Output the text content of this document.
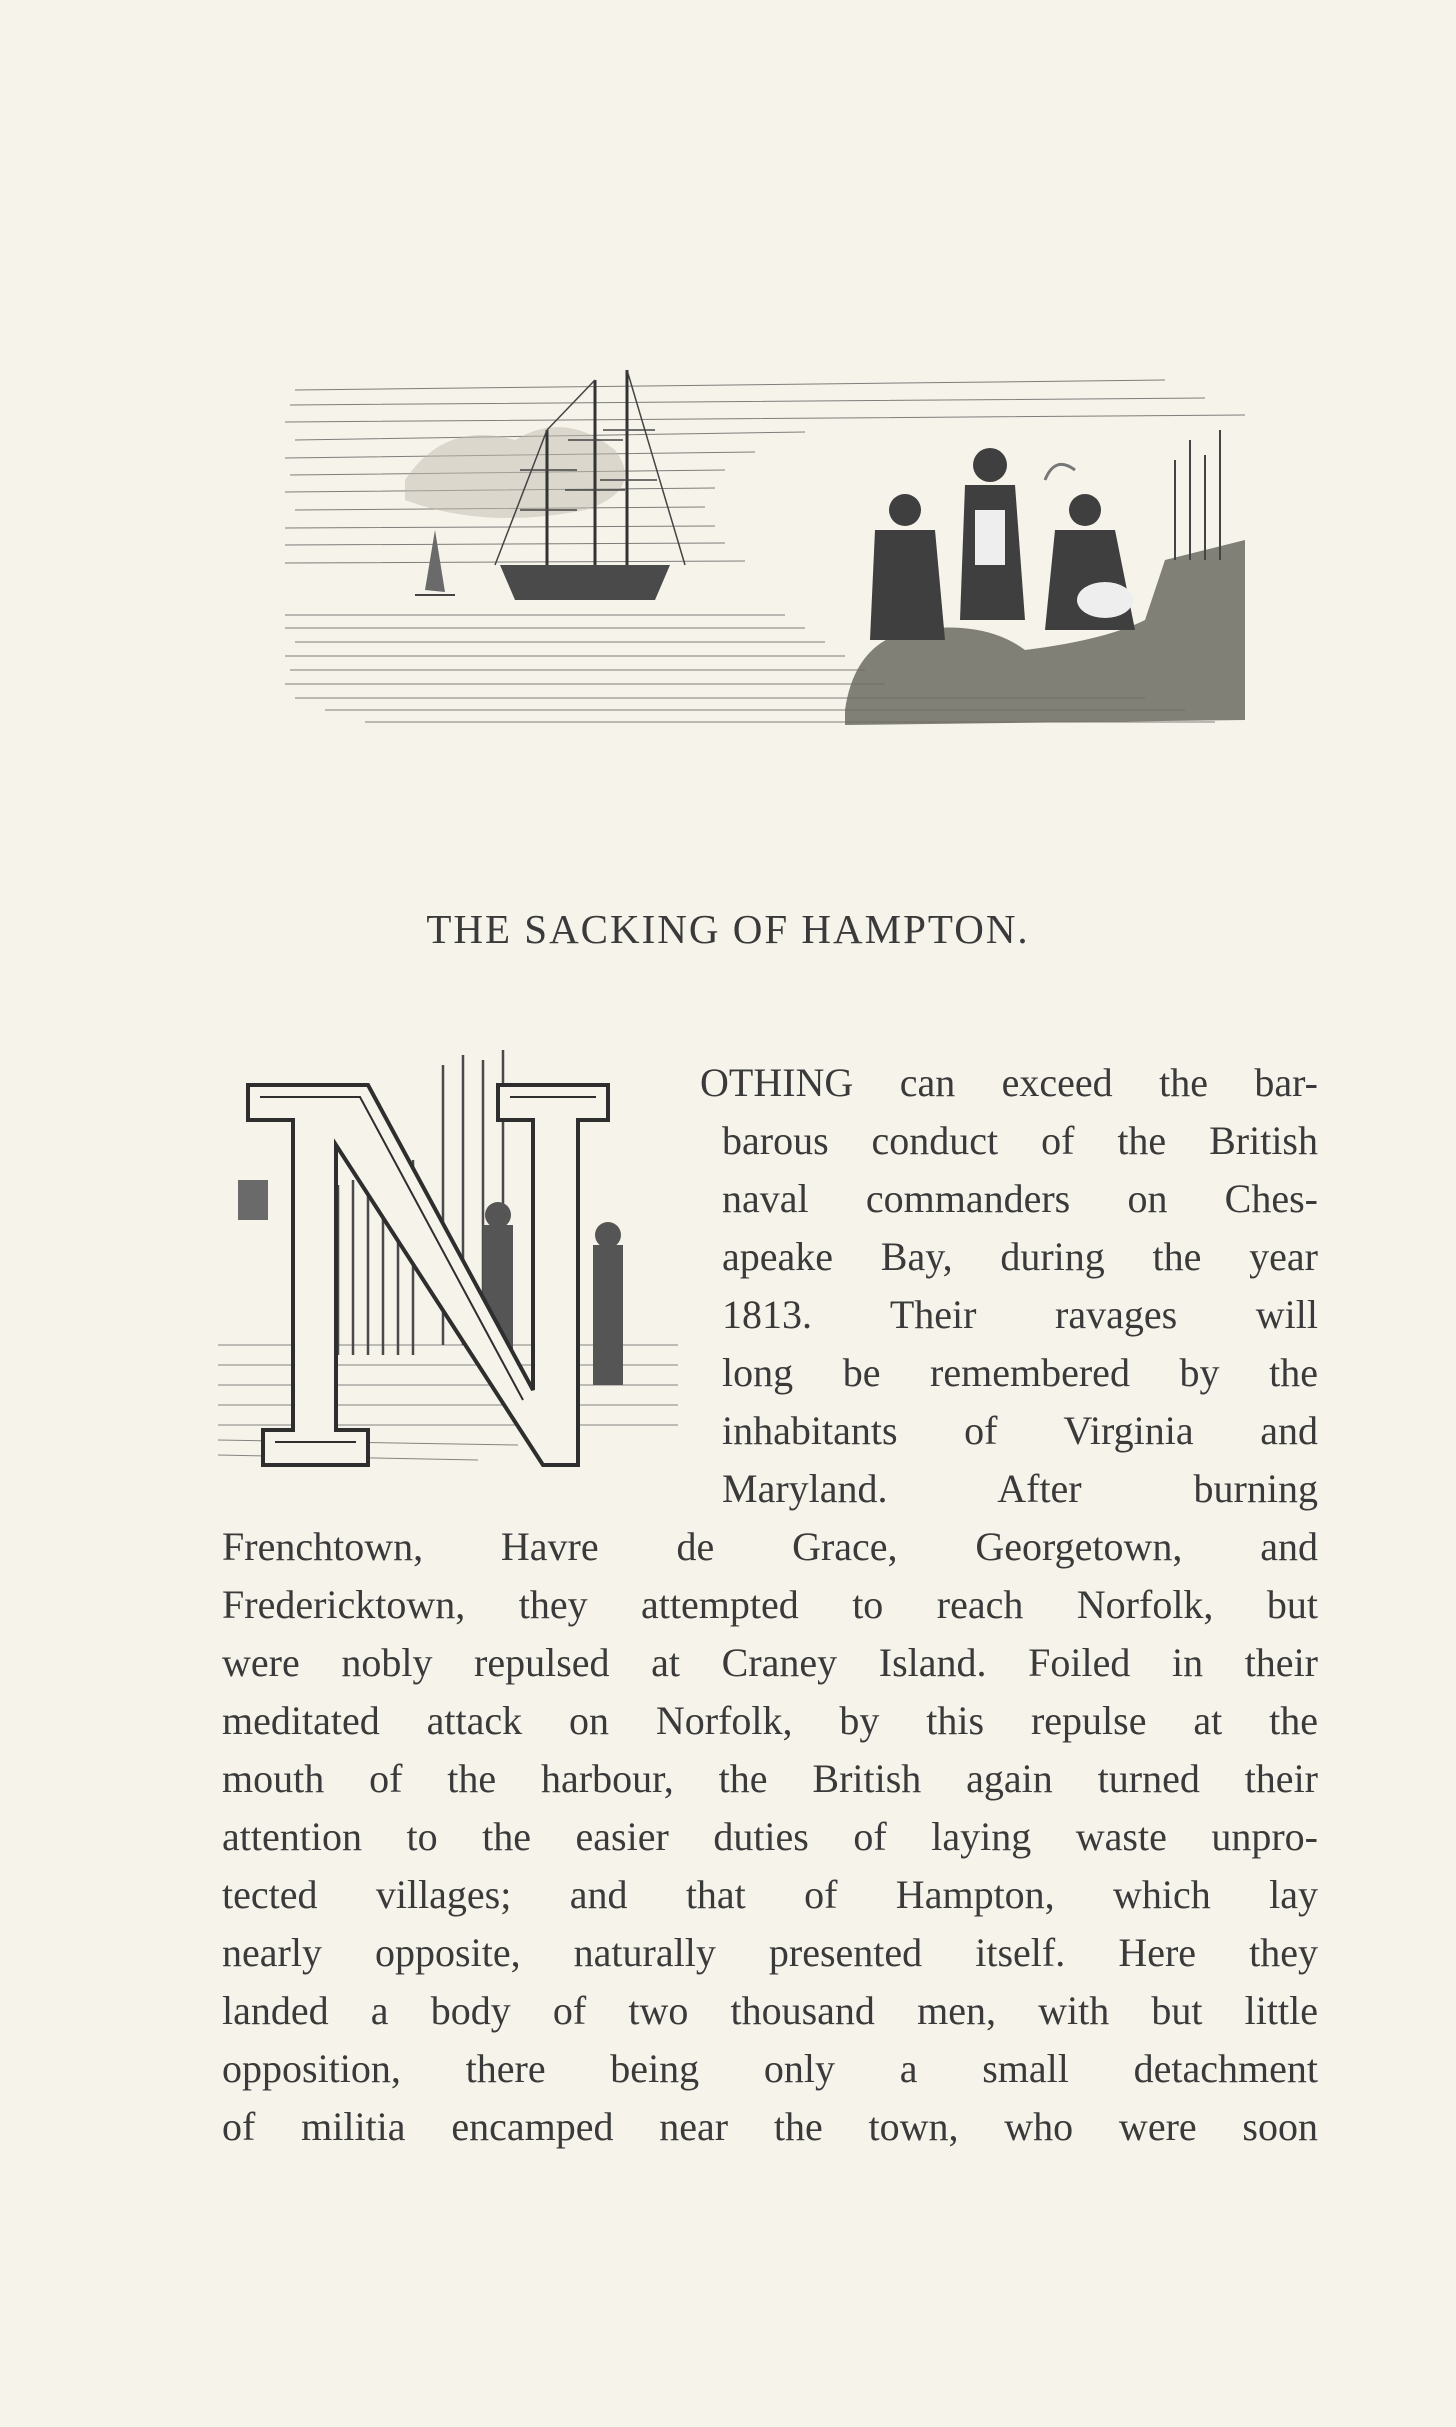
THE SACKING OF HAMPTON.
OTHING can exceed the bar-
barous conduct of the British
naval commanders on Ches-
apeake Bay, during the year
1813. Their ravages will
long be remembered by the
inhabitants of Virginia and
Maryland. After burning
Frenchtown, Havre de Grace, Georgetown, and
Fredericktown, they attempted to reach Norfolk, but
were nobly repulsed at Craney Island. Foiled in their
meditated attack on Norfolk, by this repulse at the
mouth of the harbour, the British again turned their
attention to the easier duties of laying waste unpro-
tected villages; and that of Hampton, which lay
nearly opposite, naturally presented itself. Here they
landed a body of two thousand men, with but little
opposition, there being only a small detachment
of militia encamped near the town, who were soon
